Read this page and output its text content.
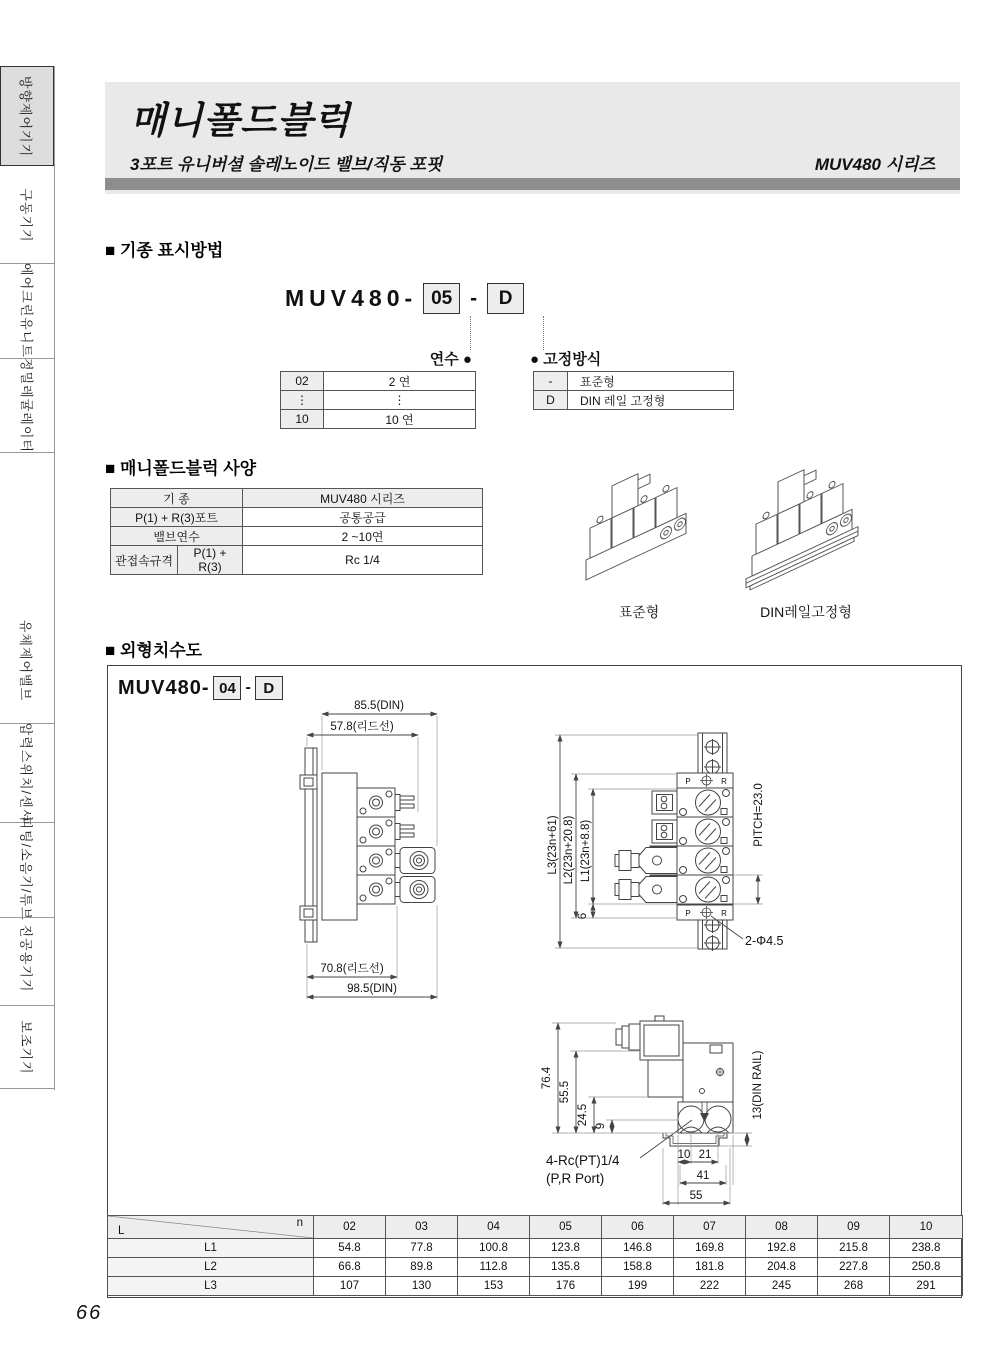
방향제어기기
구동기기
에어크린유니트
정밀레귤레이터
유체제어밸브
압력스위치/센서
피팅/소음기/튜브
진공용기기
보조기기
매니폴드블럭
3포트 유니버셜 솔레노이드 밸브/직동 포핏	MUV480 시리즈
■ 기종 표시방법
MUV480- 05 -	D
연수 ●	● 고정방식
02	2 연
⋮	⋮
10	10 연
-	표준형
D	DIN 레일 고정형
■ 매니폴드블럭 사양
기 종		MUV480 시리즈
P(1) + R(3)포트		공통공급
밸브연수		2 ~10연
관접속규격	P(1) + R(3)	Rc 1/4
표준형	DIN레일고정형
■ 외형치수도
MUV480- 04 - D
85.5(DIN)
57.8(리드선)
70.8(리드선)
98.5(DIN)
P	R
P	R
L3(23n+61) L2(23n+20.8) L1(23n+8.8)
6
PITCH=23.0
2-Φ4.5
4-Rc(PT)1/4
(P,R Port)
76.4
55.5
24.5 9
13(DIN RAIL)
10 21
41
55
n
L	02	03	04	05	06	07	08	09	10
L1	54.8	77.8	100.8	123.8	146.8	169.8	192.8	215.8	238.8
L2	66.8	89.8	112.8	135.8	158.8	181.8	204.8	227.8	250.8
L3	107	130	153	176	199	222	245	268	291
66
